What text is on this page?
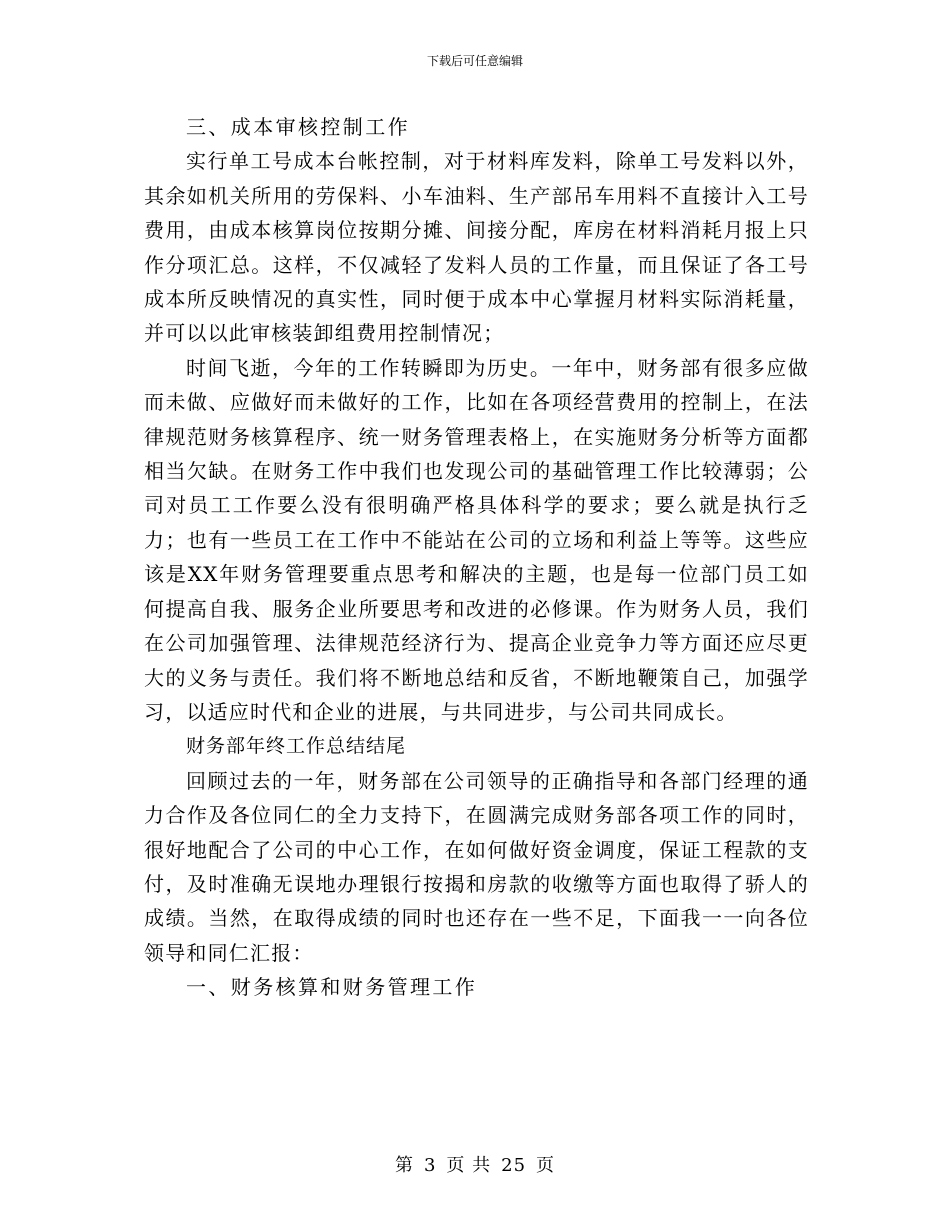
下载后可任意编辑

三、成本审核控制工作

实行单工号成本台帐控制，对于材料库发料，除单工号发料以外，其余如机关所用的劳保料、小车油料、生产部吊车用料不直接计入工号费用，由成本核算岗位按期分摊、间接分配，库房在材料消耗月报上只作分项汇总。这样，不仅减轻了发料人员的工作量，而且保证了各工号成本所反映情况的真实性，同时便于成本中心掌握月材料实际消耗量，并可以以此审核装卸组费用控制情况；

时间飞逝，今年的工作转瞬即为历史。一年中，财务部有很多应做而未做、应做好而未做好的工作，比如在各项经营费用的控制上，在法律规范财务核算程序、统一财务管理表格上，在实施财务分析等方面都相当欠缺。在财务工作中我们也发现公司的基础管理工作比较薄弱；公司对员工工作要么没有很明确严格具体科学的要求；要么就是执行乏力；也有一些员工在工作中不能站在公司的立场和利益上等等。这些应该是XX年财务管理要重点思考和解决的主题，也是每一位部门员工如何提高自我、服务企业所要思考和改进的必修课。作为财务人员，我们在公司加强管理、法律规范经济行为、提高企业竞争力等方面还应尽更大的义务与责任。我们将不断地总结和反省，不断地鞭策自己，加强学习，以适应时代和企业的进展，与共同进步，与公司共同成长。

财务部年终工作总结结尾

回顾过去的一年，财务部在公司领导的正确指导和各部门经理的通力合作及各位同仁的全力支持下，在圆满完成财务部各项工作的同时，很好地配合了公司的中心工作，在如何做好资金调度，保证工程款的支付，及时准确无误地办理银行按揭和房款的收缴等方面也取得了骄人的成绩。当然，在取得成绩的同时也还存在一些不足，下面我一一向各位领导和同仁汇报：

一、财务核算和财务管理工作

第 3 页 共 25 页
